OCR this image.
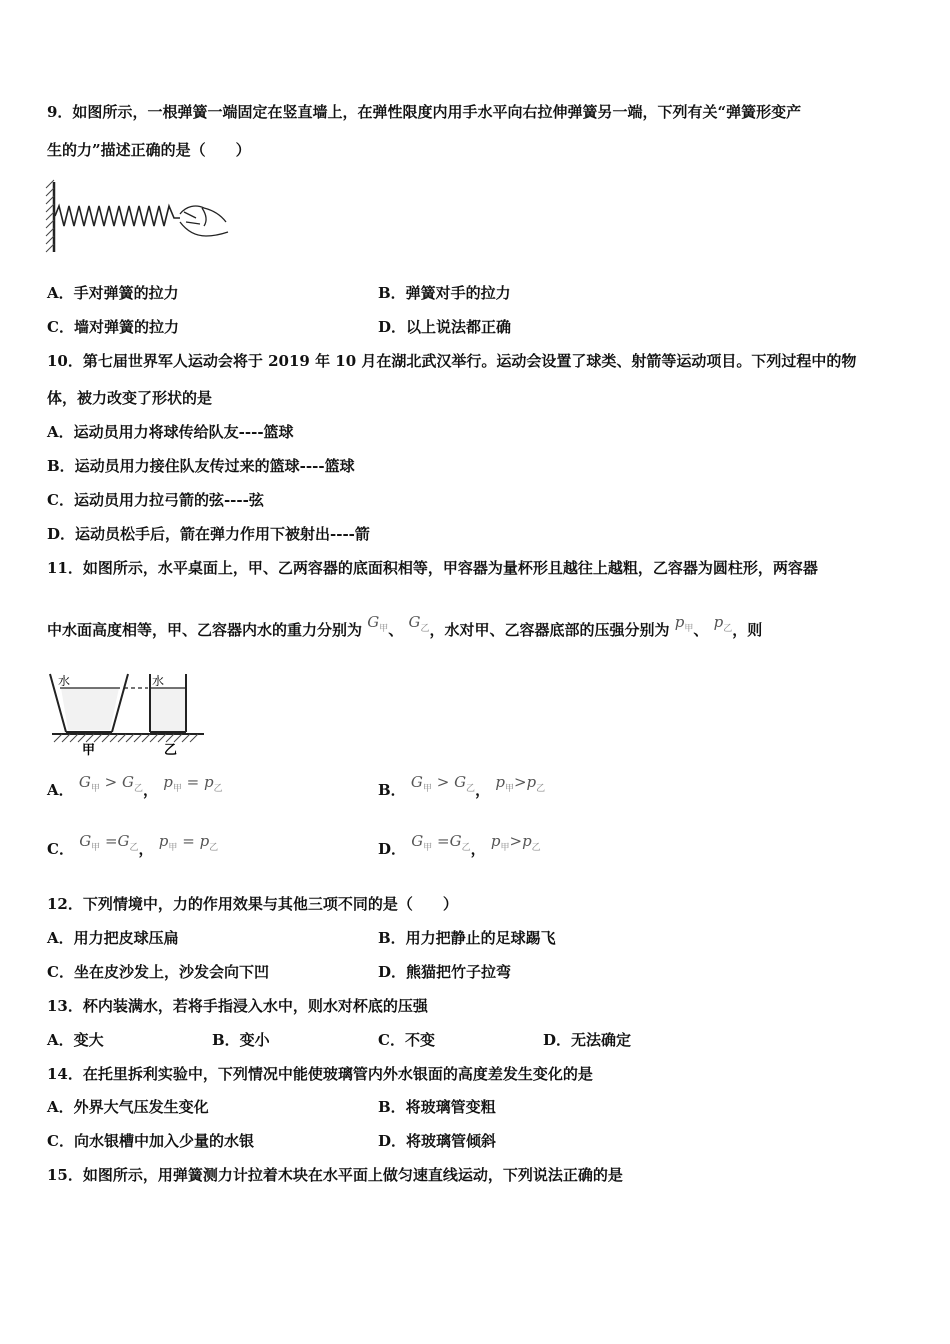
9．如图所示，一根弹簧一端固定在竖直墙上，在弹性限度内用手水平向右拉伸弹簧另一端，下列有关“弹簧形变产
生的力”描述正确的是（　　）
A．手对弹簧的拉力	B．弹簧对手的拉力
C．墙对弹簧的拉力	D．以上说法都正确
10．第七届世界军人运动会将于 2019 年 10 月在湖北武汉举行。运动会设置了球类、射箭等运动项目。下列过程中的物
体，被力改变了形状的是
A．运动员用力将球传给队友----篮球
B．运动员用力接住队友传过来的篮球----篮球
C．运动员用力拉弓箭的弦----弦
D．运动员松手后，箭在弹力作用下被射出----箭
11．如图所示，水平桌面上，甲、乙两容器的底面积相等，甲容器为量杯形且越往上越粗，乙容器为圆柱形，两容器
中水面高度相等，甲、乙容器内水的重力分别为 $G_甲$、 $G_乙$，水对甲、乙容器底部的压强分别为 $p_甲$、 $p_乙$，则
水	水
甲	乙
A． $G_甲 > G_乙$， $p_甲 = p_乙$	B． $G_甲 > G_乙$， $p_甲>p_乙$
C． $G_甲 =G_乙$， $p_甲 = p_乙$	D． $G_甲 =G_乙$， $p_甲>p_乙$
12．下列情境中，力的作用效果与其他三项不同的是（　　）
A．用力把皮球压扁	B．用力把静止的足球踢飞
C．坐在皮沙发上，沙发会向下凹	D．熊猫把竹子拉弯
13．杯内装满水，若将手指浸入水中，则水对杯底的压强
A．变大	B．变小	C．不变	D．无法确定
14．在托里拆利实验中，下列情况中能使玻璃管内外水银面的高度差发生变化的是
A．外界大气压发生变化	B．将玻璃管变粗
C．向水银槽中加入少量的水银	D．将玻璃管倾斜
15．如图所示，用弹簧测力计拉着木块在水平面上做匀速直线运动，下列说法正确的是
